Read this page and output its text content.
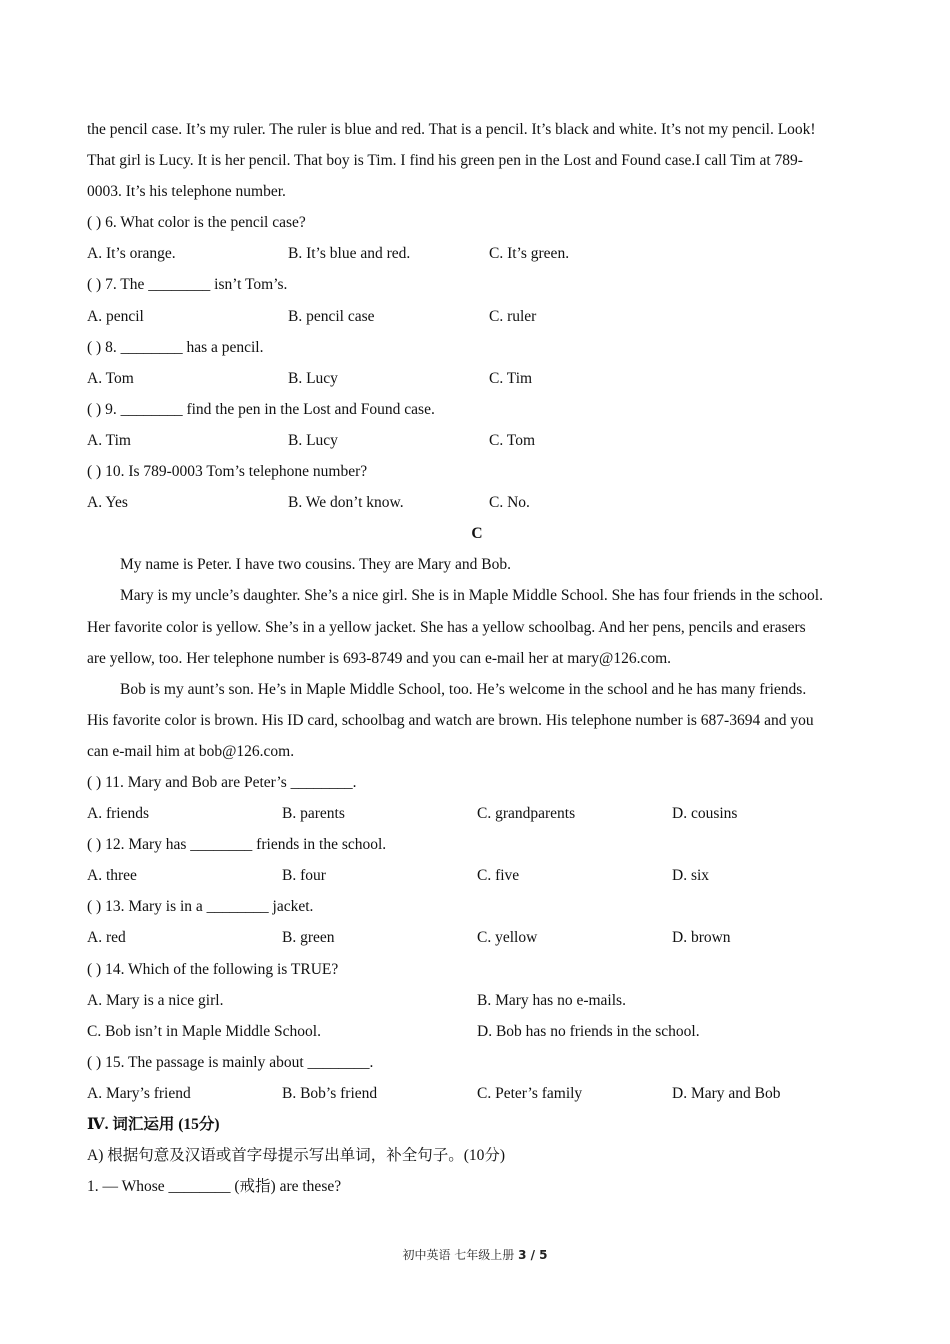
the pencil case. It’s my ruler. The ruler is blue and red. That is a pencil. It’s black and white. It’s not my pencil. Look!
That girl is Lucy. It is her pencil. That boy is Tim. I find his green pen in the Lost and Found case.I call Tim at 789-
0003. It’s his telephone number.
( ) 6. What color is the pencil case?
A. It’s orange.	B. It’s blue and red.	C. It’s green.
( ) 7. The ________ isn’t Tom’s.
A. pencil	B. pencil case	C. ruler
( ) 8. ________ has a pencil.
A. Tom	B. Lucy	C. Tim
( ) 9. ________ find the pen in the Lost and Found case.
A. Tim	B. Lucy	C. Tom
( ) 10. Is 789-0003 Tom’s telephone number?
A. Yes	B. We don’t know.	C. No.
C
My name is Peter. I have two cousins. They are Mary and Bob.
Mary is my uncle’s daughter. She’s a nice girl. She is in Maple Middle School. She has four friends in the school.
Her favorite color is yellow. She’s in a yellow jacket. She has a yellow schoolbag. And her pens, pencils and erasers
are yellow, too. Her telephone number is 693-8749 and you can e-mail her at mary@126.com.
Bob is my aunt’s son. He’s in Maple Middle School, too. He’s welcome in the school and he has many friends.
His favorite color is brown. His ID card, schoolbag and watch are brown. His telephone number is 687-3694 and you
can e-mail him at bob@126.com.
( ) 11. Mary and Bob are Peter’s ________.
A. friends	B. parents	C. grandparents	D. cousins
( ) 12. Mary has ________ friends in the school.
A. three	B. four	C. five	D. six
( ) 13. Mary is in a ________ jacket.
A. red	B. green	C. yellow	D. brown
( ) 14. Which of the following is TRUE?
A. Mary is a nice girl.	B. Mary has no e-mails.
C. Bob isn’t in Maple Middle School.	D. Bob has no friends in the school.
( ) 15. The passage is mainly about ________.
A. Mary’s friend	B. Bob’s friend	C. Peter’s family	D. Mary and Bob
Ⅳ. 词汇运用 (15分)
A) 根据句意及汉语或首字母提示写出单词，补全句子。(10分)
1. — Whose ________ (戒指) are these?
初中英语 七年级上册 3 / 5
